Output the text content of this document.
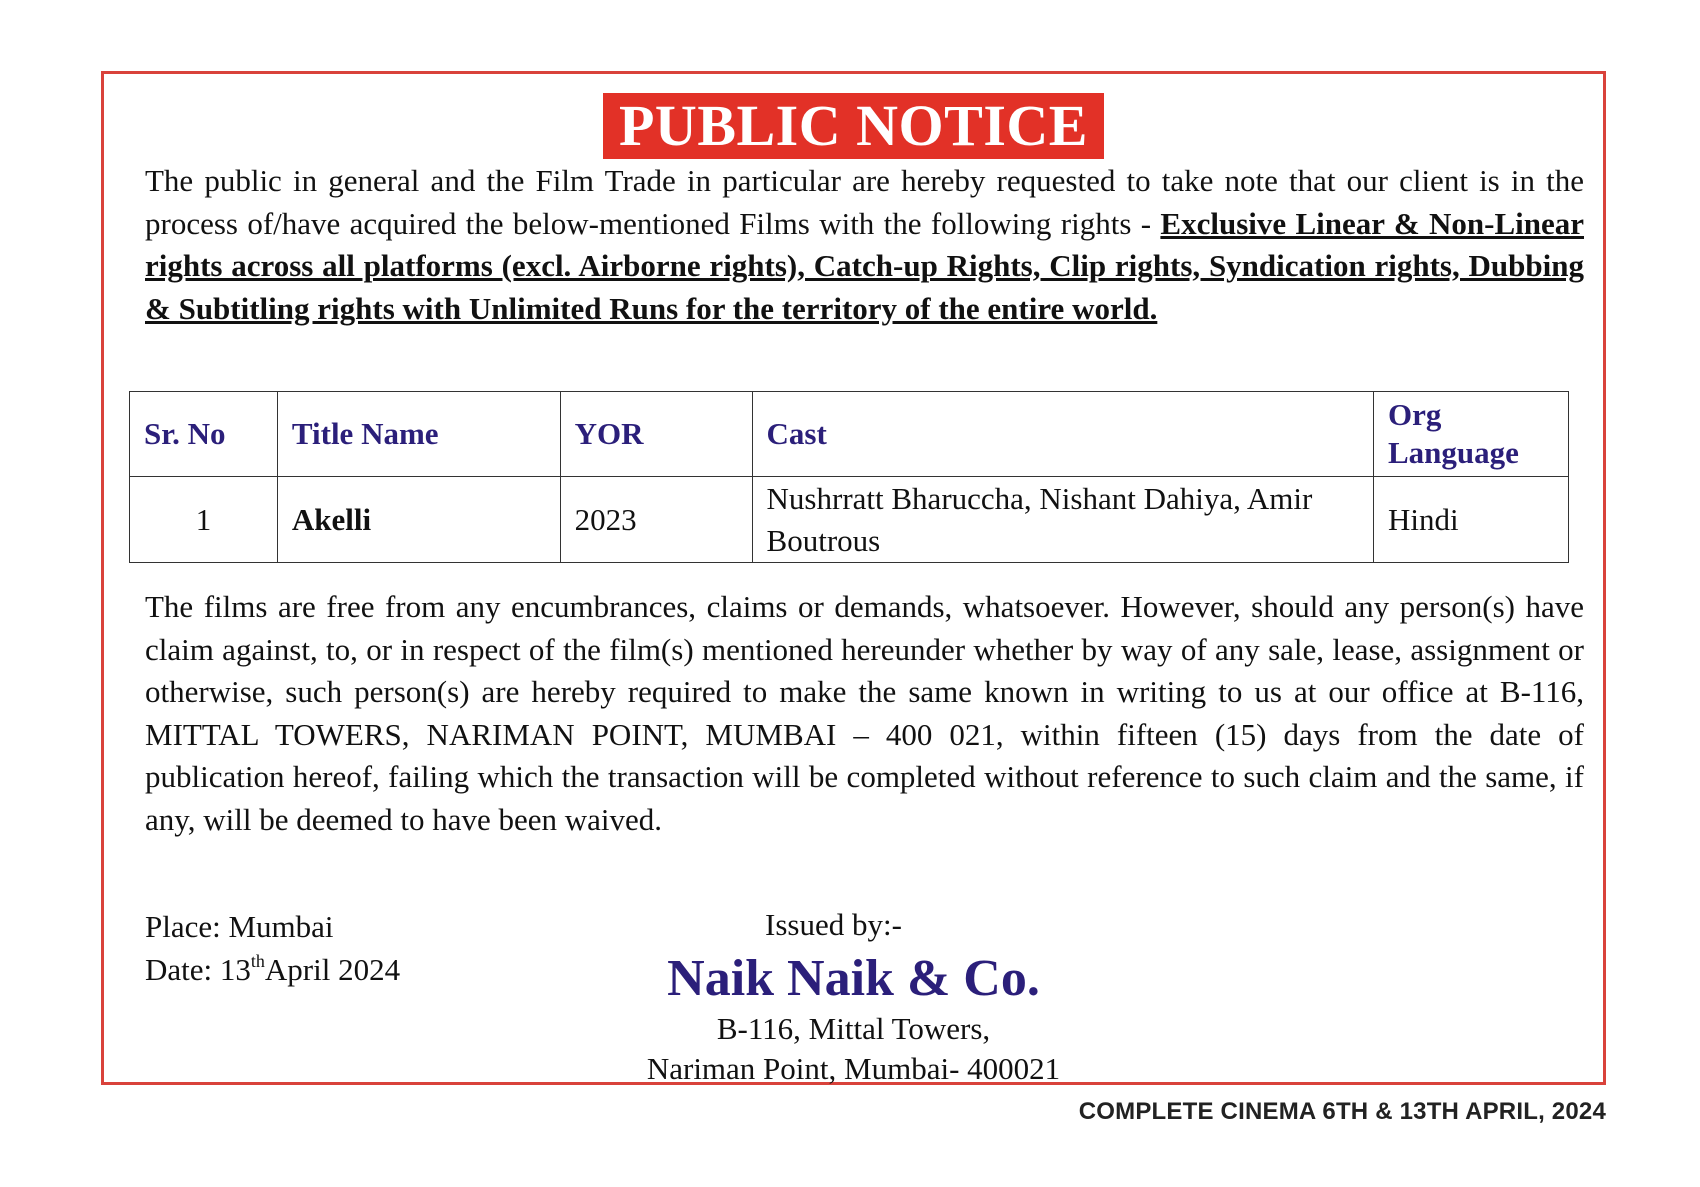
PUBLIC NOTICE

The public in general and the Film Trade in particular are hereby requested to take note that our client is in the process of/have acquired the below-mentioned Films with the following rights - Exclusive Linear & Non-Linear rights across all platforms (excl. Airborne rights), Catch-up Rights, Clip rights, Syndication rights, Dubbing & Subtitling rights with Unlimited Runs for the territory of the entire world.

Sr. No	Title Name	YOR	Cast	Org Language
1	Akelli	2023	Nushrratt Bharuccha, Nishant Dahiya, Amir Boutrous	Hindi

The films are free from any encumbrances, claims or demands, whatsoever. However, should any person(s) have claim against, to, or in respect of the film(s) mentioned hereunder whether by way of any sale, lease, assignment or otherwise, such person(s) are hereby required to make the same known in writing to us at our office at B-116, MITTAL TOWERS, NARIMAN POINT, MUMBAI – 400 021, within fifteen (15) days from the date of publication hereof, failing which the transaction will be completed without reference to such claim and the same, if any, will be deemed to have been waived.

Place: Mumbai
Date: 13thApril 2024
Issued by:-
Naik Naik & Co.
B-116, Mittal Towers,
Nariman Point, Mumbai- 400021
COMPLETE CINEMA 6TH & 13TH APRIL, 2024
